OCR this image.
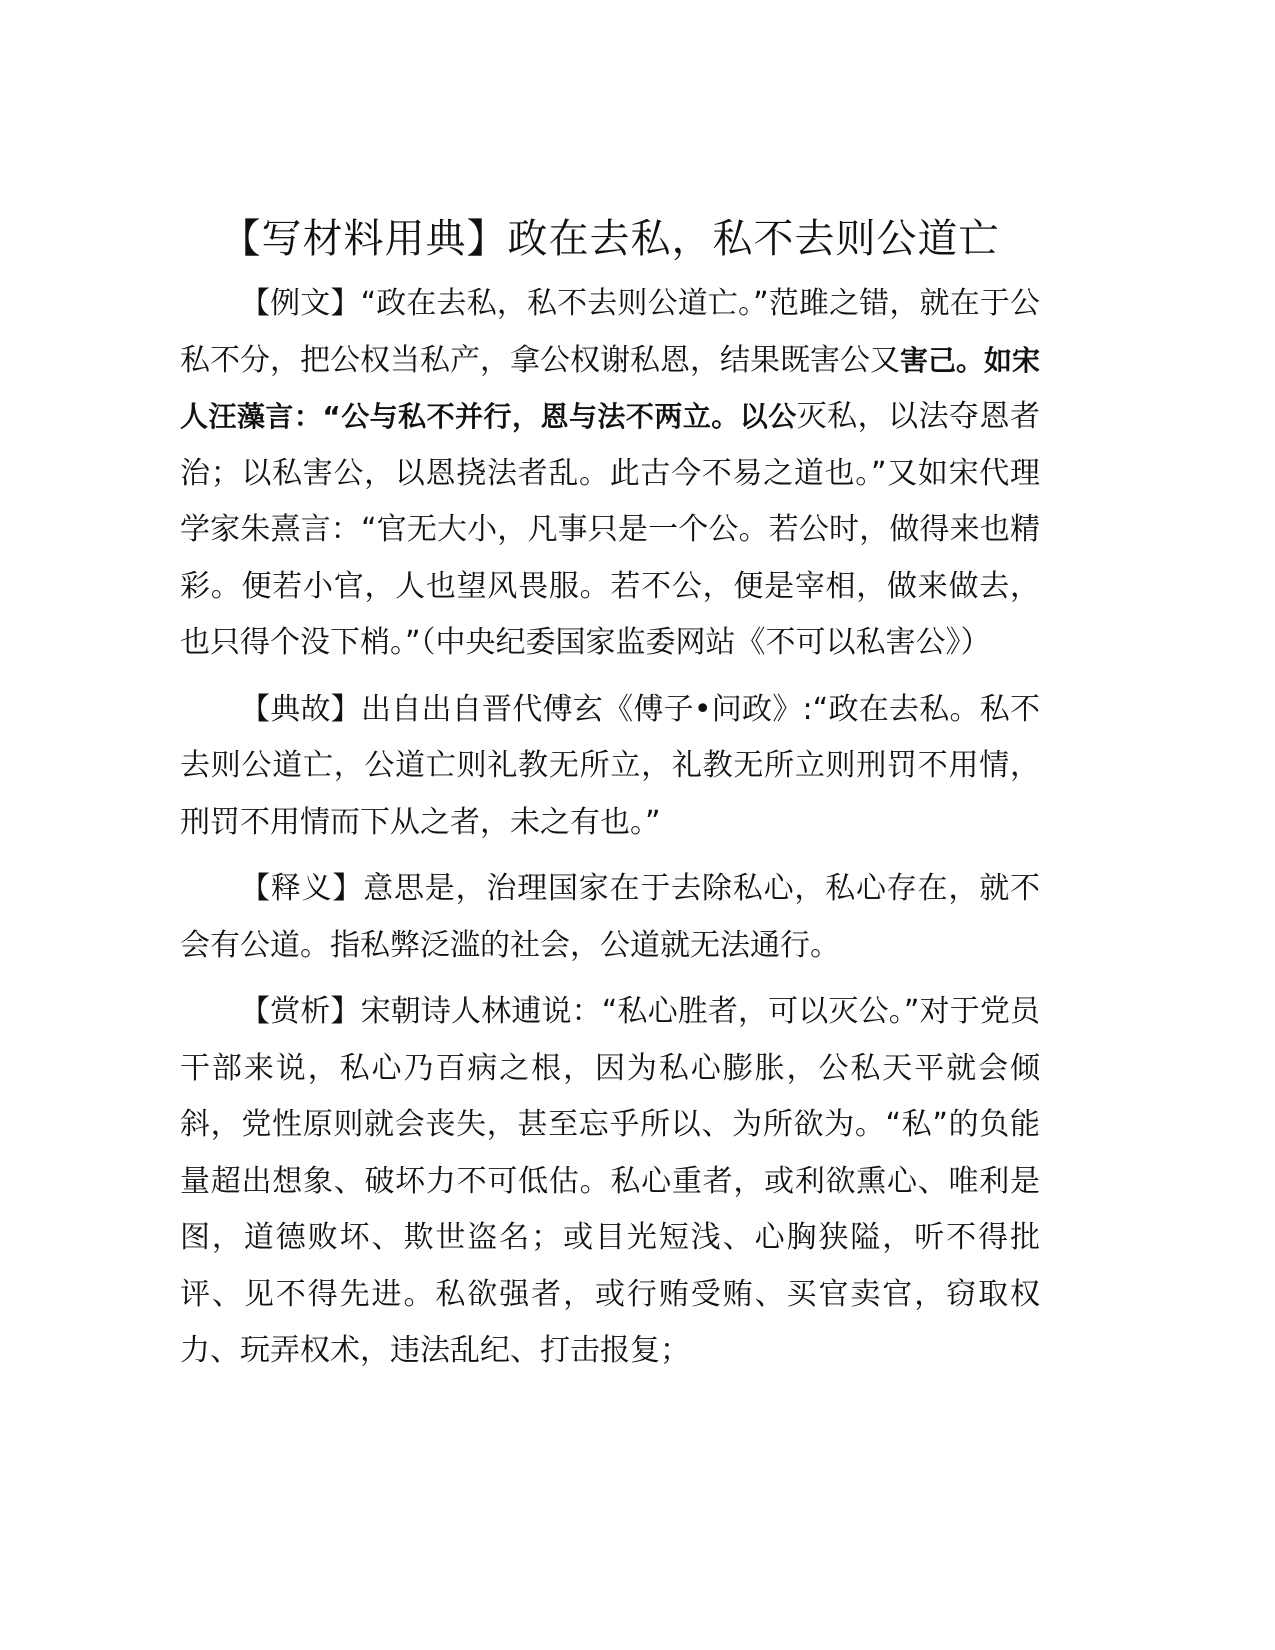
【写材料用典】政在去私，私不去则公道亡

【例文】“政在去私，私不去则公道亡。”范雎之错，就在于公私不分，把公权当私产，拿公权谢私恩，结果既害公又害己。如宋人汪藻言：“公与私不并行，恩与法不两立。以公灭私，以法夺恩者治；以私害公，以恩挠法者乱。此古今不易之道也。”又如宋代理学家朱熹言：“官无大小，凡事只是一个公。若公时，做得来也精彩。便若小官，人也望风畏服。若不公，便是宰相，做来做去，也只得个没下梢。”（中央纪委国家监委网站《不可以私害公》）

【典故】出自出自晋代傅玄《傅子•问政》:“政在去私。私不去则公道亡，公道亡则礼教无所立，礼教无所立则刑罚不用情，刑罚不用情而下从之者，未之有也。”

【释义】意思是，治理国家在于去除私心，私心存在，就不会有公道。指私弊泛滥的社会，公道就无法通行。

【赏析】宋朝诗人林逋说：“私心胜者，可以灭公。”对于党员干部来说，私心乃百病之根，因为私心膨胀，公私天平就会倾斜，党性原则就会丧失，甚至忘乎所以、为所欲为。“私”的负能量超出想象、破坏力不可低估。私心重者，或利欲熏心、唯利是图，道德败坏、欺世盗名；或目光短浅、心胸狭隘，听不得批评、见不得先进。私欲强者，或行贿受贿、买官卖官，窃取权力、玩弄权术，违法乱纪、打击报复；
